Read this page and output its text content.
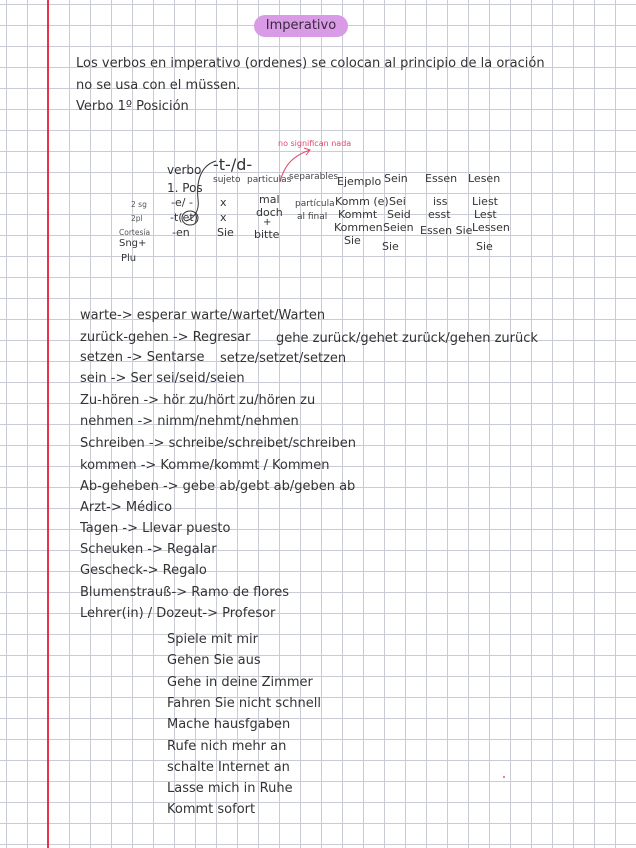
Imperativo
Los verbos en imperativo (ordenes) se colocan al principio de la oración
no se usa con el müssen.
Verbo 1º Posición
no significan nada
verbo
1. Pos
-t-/d-
sujeto particulas
separables
Ejemplo Sein Essen Lesen
2 sg
2pl
Cortesía
Sng+
Plu
-e/ -
-t(et)
-en
x
x
Sie
mal
doch
+
bitte
partícula
al final
Komm (e)
Kommt
Kommen
Sie
Sei
Seid
Seien
Sie
iss
esst
Essen Sie
Liest
Lest
Lessen
Sie
warte-> esperar warte/wartet/Warten
zurück-gehen -> Regresar gehe zurück/gehet zurück/gehen zurück
setzen -> Sentarse setze/setzet/setzen
sein -> Ser sei/seid/seien
Zu-hören -> hör zu/hört zu/hören zu
nehmen -> nimm/nehmt/nehmen
Schreiben -> schreibe/schreibet/schreiben
kommen -> Komme/kommt / Kommen
Ab-geheben -> gebe ab/gebt ab/geben ab
Arzt-> Médico
Tagen -> Llevar puesto
Scheuken -> Regalar
Gescheck-> Regalo
Blumenstrauß-> Ramo de flores
Lehrer(in) / Dozeut-> Profesor
Spiele mit mir
Gehen Sie aus
Gehe in deine Zimmer
Fahren Sie nicht schnell
Mache hausfgaben
Rufe nich mehr an
schalte Internet an
Lasse mich in Ruhe
Kommt sofort
